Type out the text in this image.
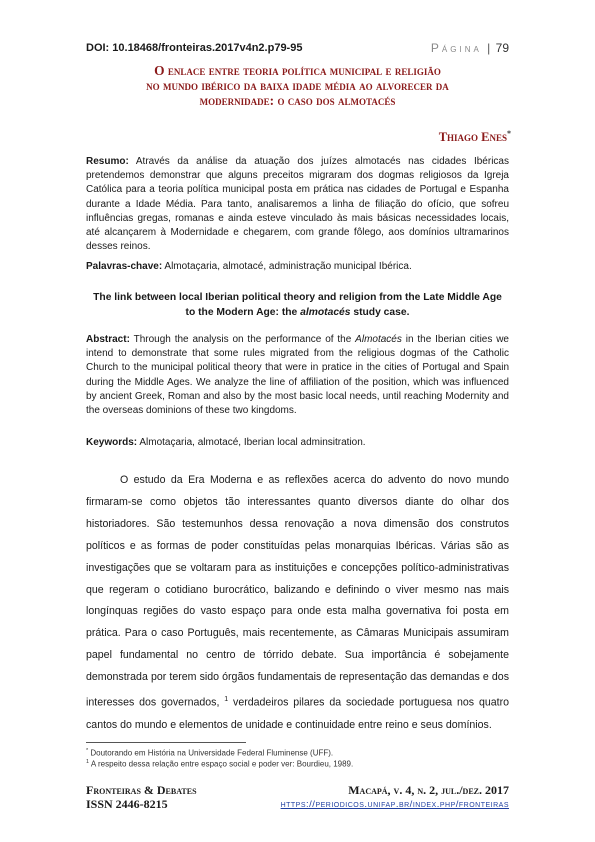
DOI: 10.18468/fronteiras.2017v4n2.p79-95	Página | 79
O enlace entre teoria política municipal e religião
no mundo ibérico da baixa idade média ao alvorecer da
modernidade: o caso dos almotacés
Thiago Enes*
Resumo: Através da análise da atuação dos juízes almotacés nas cidades Ibéricas pretendemos demonstrar que alguns preceitos migraram dos dogmas religiosos da Igreja Católica para a teoria política municipal posta em prática nas cidades de Portugal e Espanha durante a Idade Média. Para tanto, analisaremos a linha de filiação do ofício, que sofreu influências gregas, romanas e ainda esteve vinculado às mais básicas necessidades locais, até alcançarem à Modernidade e chegarem, com grande fôlego, aos domínios ultramarinos desses reinos.
Palavras-chave: Almotaçaria, almotacé, administração municipal Ibérica.
The link between local Iberian political theory and religion from the Late Middle Age
to the Modern Age: the almotacés study case.
Abstract: Through the analysis on the performance of the Almotacés in the Iberian cities we intend to demonstrate that some rules migrated from the religious dogmas of the Catholic Church to the municipal political theory that were in pratice in the cities of Portugal and Spain during the Middle Ages. We analyze the line of affiliation of the position, which was influenced by ancient Greek, Roman and also by the most basic local needs, until reaching Modernity and the overseas dominions of these two kingdoms.
Keywords: Almotaçaria, almotacé, Iberian local adminsitration.
O estudo da Era Moderna e as reflexões acerca do advento do novo mundo firmaram-se como objetos tão interessantes quanto diversos diante do olhar dos historiadores. São testemunhos dessa renovação a nova dimensão dos construtos políticos e as formas de poder constituídas pelas monarquias Ibéricas. Várias são as investigações que se voltaram para as instituições e concepções político-administrativas que regeram o cotidiano burocrático, balizando e definindo o viver mesmo nas mais longínquas regiões do vasto espaço para onde esta malha governativa foi posta em prática. Para o caso Português, mais recentemente, as Câmaras Municipais assumiram papel fundamental no centro de tórrido debate. Sua importância é sobejamente demonstrada por terem sido órgãos fundamentais de representação das demandas e dos interesses dos governados, $^1$ verdadeiros pilares da sociedade portuguesa nos quatro cantos do mundo e elementos de unidade e continuidade entre reino e seus domínios.
* Doutorando em História na Universidade Federal Fluminense (UFF).
$^1$ A respeito dessa relação entre espaço social e poder ver: Bourdieu, 1989.
Fronteiras & Debates
ISSN 2446-8215
Macapá, v. 4, n. 2, jul./dez. 2017
https://periodicos.unifap.br/index.php/fronteiras
